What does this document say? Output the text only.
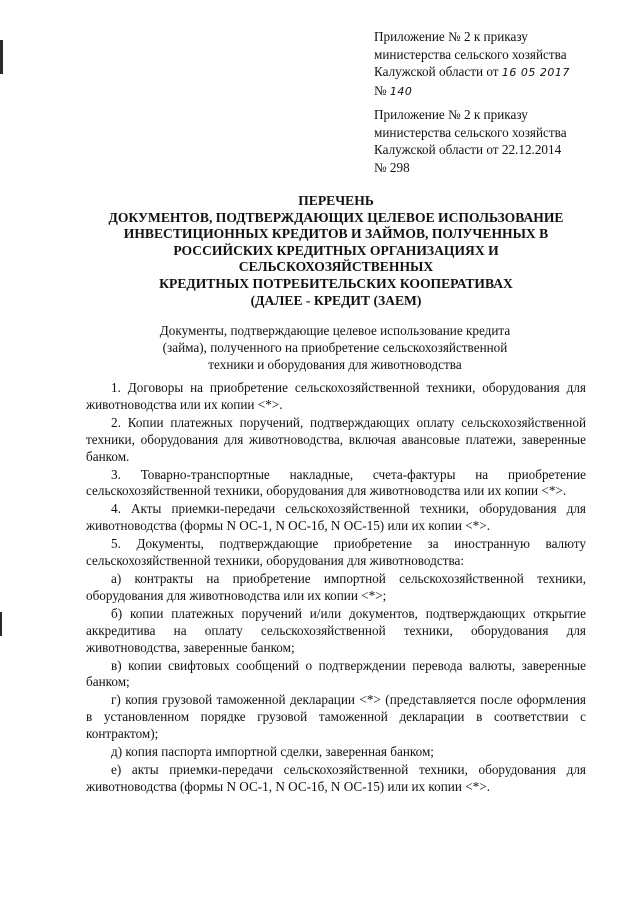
Приложение № 2 к приказу
министерства сельского хозяйства
Калужской области от 16 05 2017
№ 140
Приложение № 2 к приказу
министерства сельского хозяйства
Калужской области от 22.12.2014
№ 298
ПЕРЕЧЕНЬ
ДОКУМЕНТОВ, ПОДТВЕРЖДАЮЩИХ ЦЕЛЕВОЕ ИСПОЛЬЗОВАНИЕ
ИНВЕСТИЦИОННЫХ КРЕДИТОВ И ЗАЙМОВ, ПОЛУЧЕННЫХ В
РОССИЙСКИХ КРЕДИТНЫХ ОРГАНИЗАЦИЯХ И
СЕЛЬСКОХОЗЯЙСТВЕННЫХ
КРЕДИТНЫХ ПОТРЕБИТЕЛЬСКИХ КООПЕРАТИВАХ
(ДАЛЕЕ - КРЕДИТ (ЗАЕМ)
Документы, подтверждающие целевое использование кредита
(займа), полученного на приобретение сельскохозяйственной
техники и оборудования для животноводства

1. Договоры на приобретение сельскохозяйственной техники, оборудования для животноводства или их копии <*>.

2. Копии платежных поручений, подтверждающих оплату сельскохозяйственной техники, оборудования для животноводства, включая авансовые платежи, заверенные банком.

3. Товарно-транспортные накладные, счета-фактуры на приобретение сельскохозяйственной техники, оборудования для животноводства или их копии <*>.

4. Акты приемки-передачи сельскохозяйственной техники, оборудования для животноводства (формы N ОС-1, N ОС-1б, N ОС-15) или их копии <*>.

5. Документы, подтверждающие приобретение за иностранную валюту сельскохозяйственной техники, оборудования для животноводства:

а) контракты на приобретение импортной сельскохозяйственной техники, оборудования для животноводства или их копии <*>;

б) копии платежных поручений и/или документов, подтверждающих открытие аккредитива на оплату сельскохозяйственной техники, оборудования для животноводства, заверенные банком;

в) копии свифтовых сообщений о подтверждении перевода валюты, заверенные банком;

г) копия грузовой таможенной декларации <*> (представляется после оформления в установленном порядке грузовой таможенной декларации в соответствии с контрактом);

д) копия паспорта импортной сделки, заверенная банком;

е) акты приемки-передачи сельскохозяйственной техники, оборудования для животноводства (формы N ОС-1, N ОС-1б, N ОС-15) или их копии <*>.
